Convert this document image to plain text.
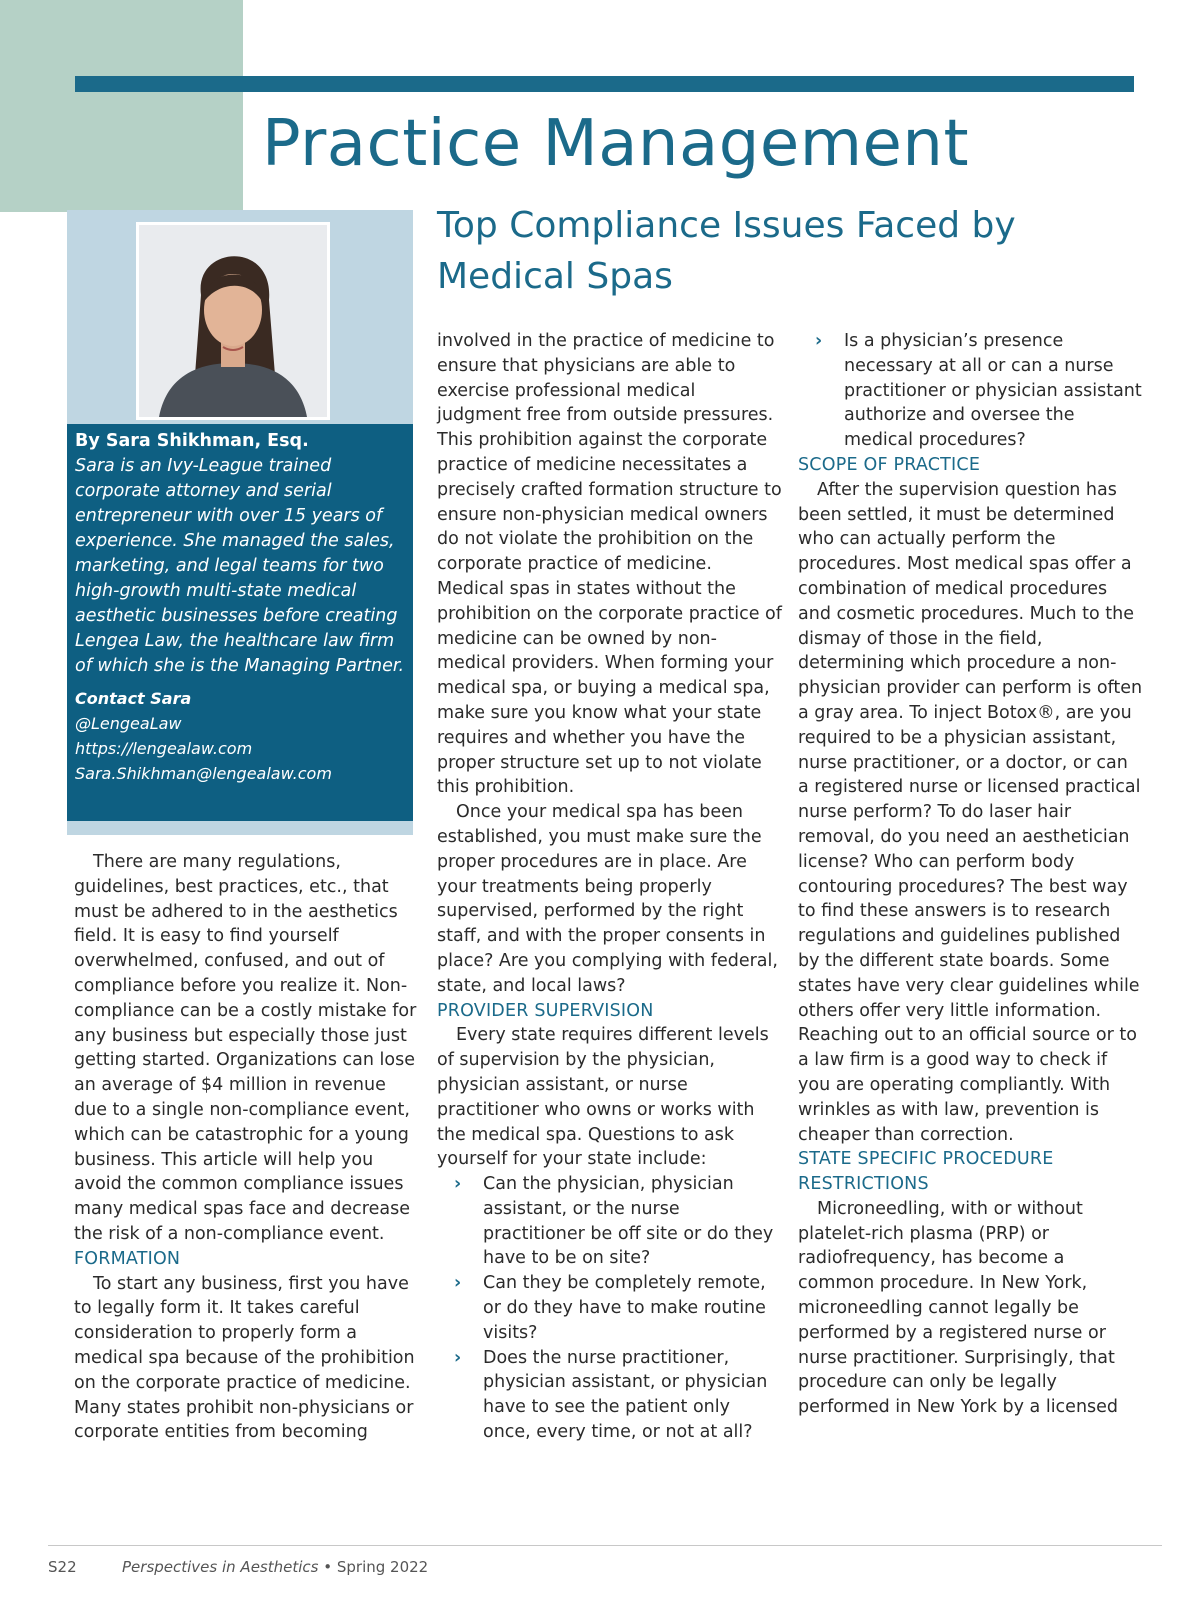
Practice Management
Top Compliance Issues Faced by Medical Spas

By Sara Shikhman, Esq.

Sara is an Ivy-League trained corporate attorney and serial entrepreneur with over 15 years of experience. She managed the sales, marketing, and legal teams for two high-growth multi-state medical aesthetic businesses before creating Lengea Law, the healthcare law firm of which she is the Managing Partner.

Contact Sara

@LengeaLaw

https://lengealaw.com

Sara.Shikhman@lengealaw.com

There are many regulations, guidelines, best practices, etc., that must be adhered to in the aesthetics field. It is easy to find yourself overwhelmed, confused, and out of compliance before you realize it. Non-compliance can be a costly mistake for any business but especially those just getting started. Organizations can lose an average of $4 million in revenue due to a single non-compliance event, which can be catastrophic for a young business. This article will help you avoid the common compliance issues many medical spas face and decrease the risk of a non-compliance event.

FORMATION

To start any business, first you have to legally form it. It takes careful consideration to properly form a medical spa because of the prohibition on the corporate practice of medicine. Many states prohibit non-physicians or corporate entities from becoming

involved in the practice of medicine to ensure that physicians are able to exercise professional medical judgment free from outside pressures. This prohibition against the corporate practice of medicine necessitates a precisely crafted formation structure to ensure non-physician medical owners do not violate the prohibition on the corporate practice of medicine. Medical spas in states without the prohibition on the corporate practice of medicine can be owned by non-medical providers. When forming your medical spa, or buying a medical spa, make sure you know what your state requires and whether you have the proper structure set up to not violate this prohibition.

Once your medical spa has been established, you must make sure the proper procedures are in place. Are your treatments being properly supervised, performed by the right staff, and with the proper consents in place? Are you complying with federal, state, and local laws?

PROVIDER SUPERVISION

Every state requires different levels of supervision by the physician, physician assistant, or nurse practitioner who owns or works with the medical spa. Questions to ask yourself for your state include:

› Can the physician, physician assistant, or the nurse practitioner be off site or do they have to be on site?
› Can they be completely remote, or do they have to make routine visits?
› Does the nurse practitioner, physician assistant, or physician have to see the patient only once, every time, or not at all?
› Is a physician’s presence necessary at all or can a nurse practitioner or physician assistant authorize and oversee the medical procedures?

SCOPE OF PRACTICE

After the supervision question has been settled, it must be determined who can actually perform the procedures. Most medical spas offer a combination of medical procedures and cosmetic procedures. Much to the dismay of those in the field, determining which procedure a non-physician provider can perform is often a gray area. To inject Botox®, are you required to be a physician assistant, nurse practitioner, or a doctor, or can a registered nurse or licensed practical nurse perform? To do laser hair removal, do you need an aesthetician license? Who can perform body contouring procedures? The best way to find these answers is to research regulations and guidelines published by the different state boards. Some states have very clear guidelines while others offer very little information. Reaching out to an official source or to a law firm is a good way to check if you are operating compliantly. With wrinkles as with law, prevention is cheaper than correction.

STATE SPECIFIC PROCEDURE RESTRICTIONS

Microneedling, with or without platelet-rich plasma (PRP) or radiofrequency, has become a common procedure. In New York, microneedling cannot legally be performed by a registered nurse or nurse practitioner. Surprisingly, that procedure can only be legally performed in New York by a licensed

S22	Perspectives in Aesthetics • Spring 2022
